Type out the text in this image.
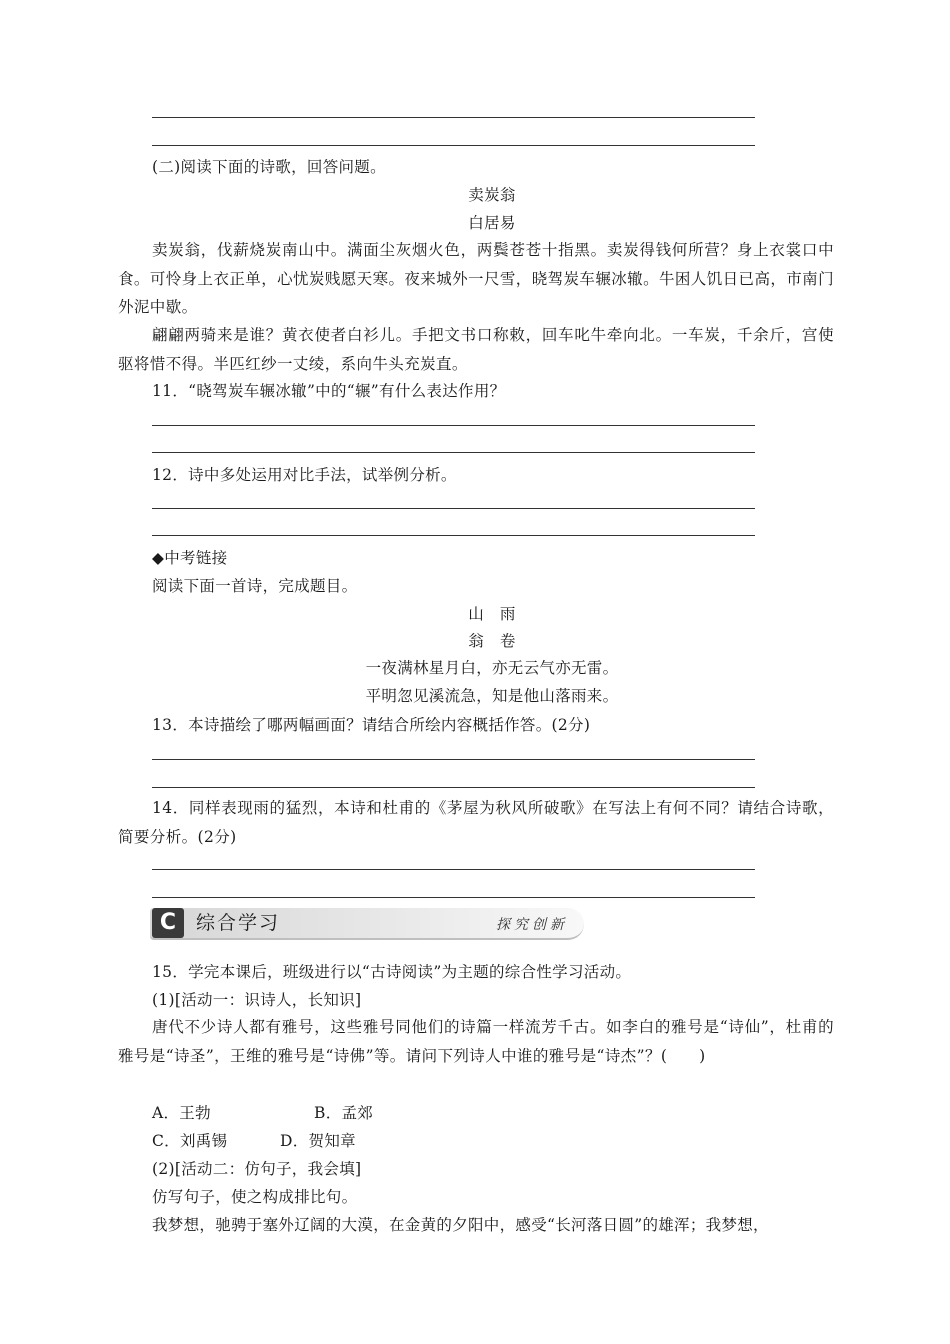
(二)阅读下面的诗歌，回答问题。
卖炭翁
白居易
卖炭翁，伐薪烧炭南山中。满面尘灰烟火色，两鬓苍苍十指黑。卖炭得钱何所营？身上衣裳口中食。可怜身上衣正单，心忧炭贱愿天寒。夜来城外一尺雪，晓驾炭车辗冰辙。牛困人饥日已高，市南门外泥中歇。
翩翩两骑来是谁？黄衣使者白衫儿。手把文书口称敕，回车叱牛牵向北。一车炭，千余斤，宫使驱将惜不得。半匹红纱一丈绫，系向牛头充炭直。
11．“晓驾炭车辗冰辙”中的“辗”有什么表达作用？
12．诗中多处运用对比手法，试举例分析。
◆中考链接
阅读下面一首诗，完成题目。
山　雨
翁　卷
一夜满林星月白，亦无云气亦无雷。
平明忽见溪流急，知是他山落雨来。
13．本诗描绘了哪两幅画面？请结合所绘内容概括作答。(2分)
14．同样表现雨的猛烈，本诗和杜甫的《茅屋为秋风所破歌》在写法上有何不同？请结合诗歌，简要分析。(2分)
C	综合学习	探究创新
15．学完本课后，班级进行以“古诗阅读”为主题的综合性学习活动。
(1)[活动一：识诗人，长知识]
唐代不少诗人都有雅号，这些雅号同他们的诗篇一样流芳千古。如李白的雅号是“诗仙”，杜甫的雅号是“诗圣”，王维的雅号是“诗佛”等。请问下列诗人中谁的雅号是“诗杰”？(　　)
A．王勃	B．孟郊
C．刘禹锡	D．贺知章
(2)[活动二：仿句子，我会填]
仿写句子，使之构成排比句。
我梦想，驰骋于塞外辽阔的大漠，在金黄的夕阳中，感受“长河落日圆”的雄浑；我梦想，
